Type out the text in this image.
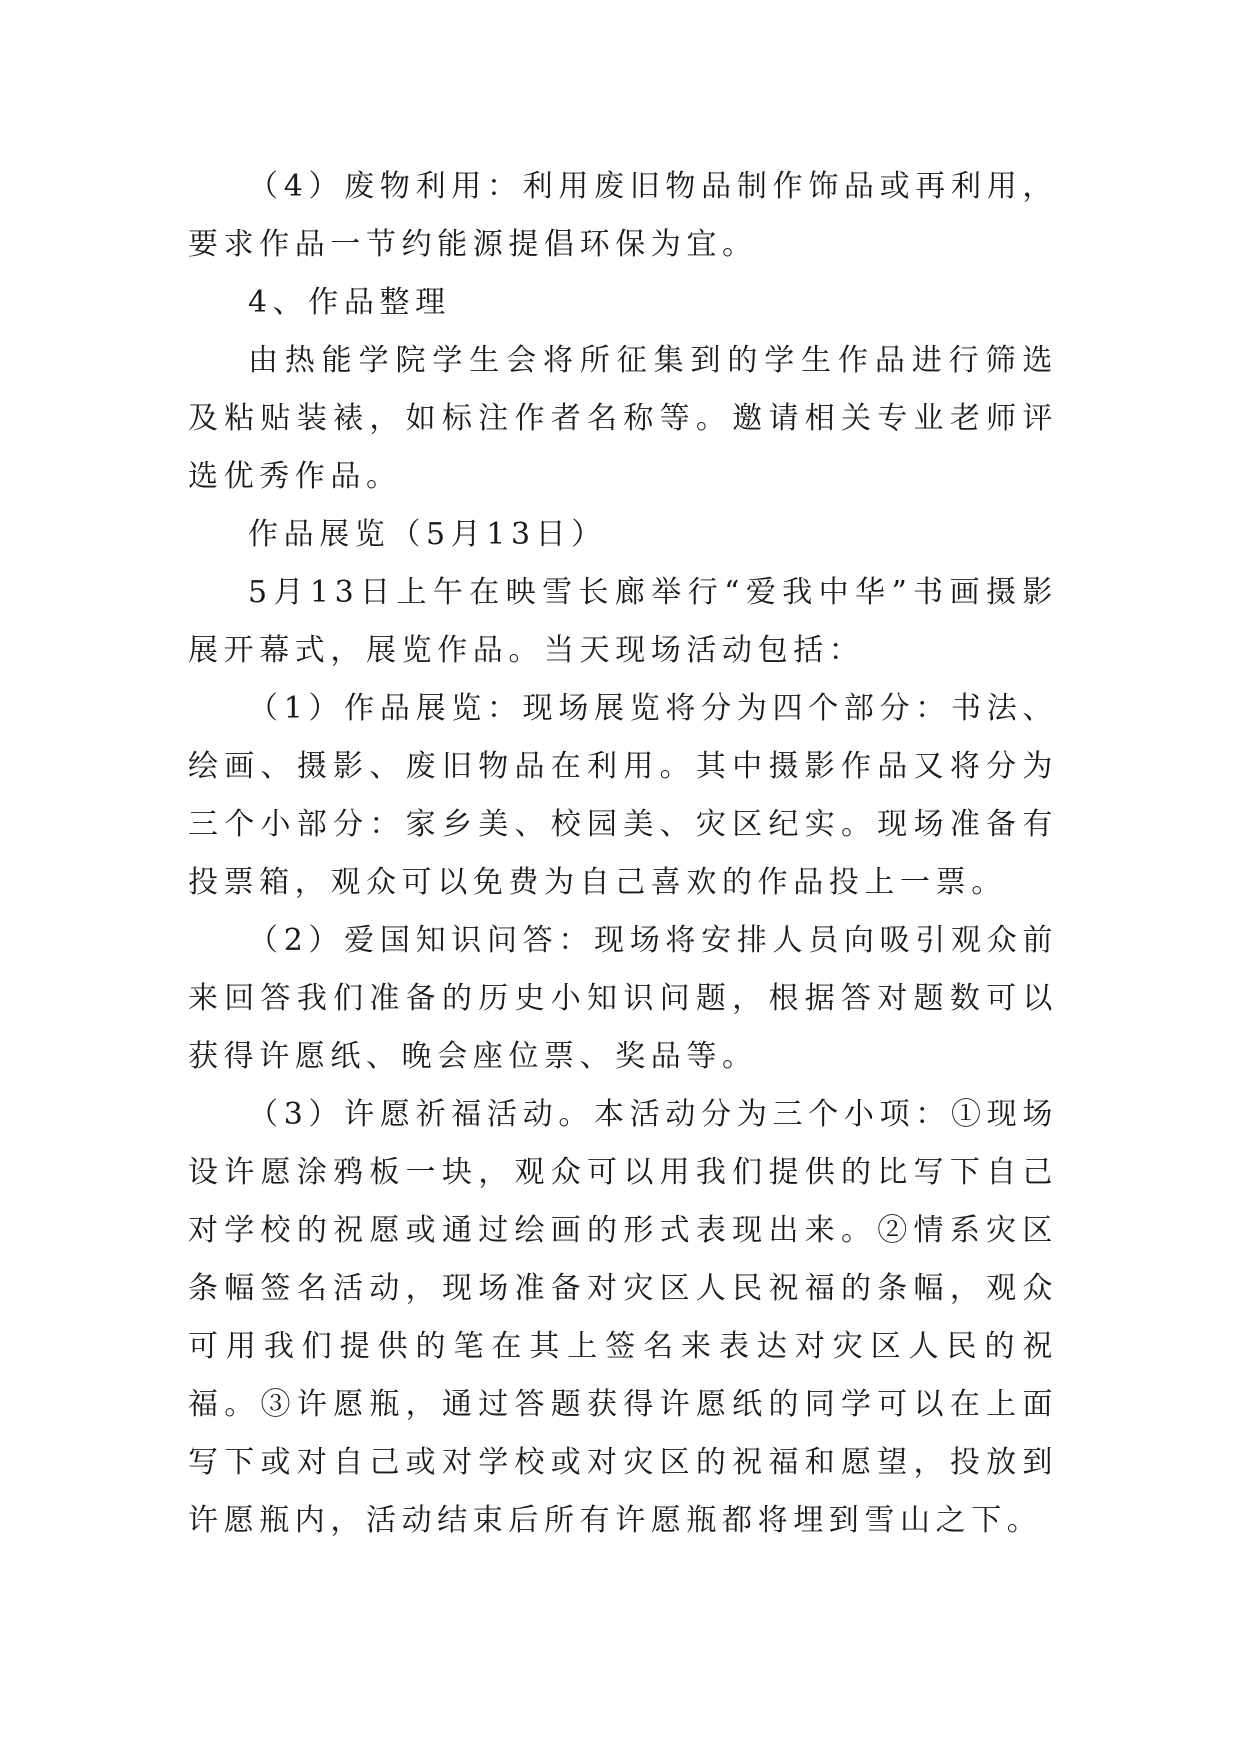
（4）废物利用：利用废旧物品制作饰品或再利用，要求作品一节约能源提倡环保为宜。

4、作品整理

由热能学院学生会将所征集到的学生作品进行筛选及粘贴装裱，如标注作者名称等。邀请相关专业老师评选优秀作品。

作品展览（5月13日）

5月13日上午在映雪长廊举行“爱我中华”书画摄影展开幕式，展览作品。当天现场活动包括：

（1）作品展览：现场展览将分为四个部分：书法、绘画、摄影、废旧物品在利用。其中摄影作品又将分为三个小部分：家乡美、校园美、灾区纪实。现场准备有投票箱，观众可以免费为自己喜欢的作品投上一票。

（2）爱国知识问答：现场将安排人员向吸引观众前来回答我们准备的历史小知识问题，根据答对题数可以获得许愿纸、晚会座位票、奖品等。

（3）许愿祈福活动。本活动分为三个小项：①现场设许愿涂鸦板一块，观众可以用我们提供的比写下自己对学校的祝愿或通过绘画的形式表现出来。②情系灾区条幅签名活动，现场准备对灾区人民祝福的条幅，观众可用我们提供的笔在其上签名来表达对灾区人民的祝福。③许愿瓶，通过答题获得许愿纸的同学可以在上面写下或对自己或对学校或对灾区的祝福和愿望，投放到许愿瓶内，活动结束后所有许愿瓶都将埋到雪山之下。
